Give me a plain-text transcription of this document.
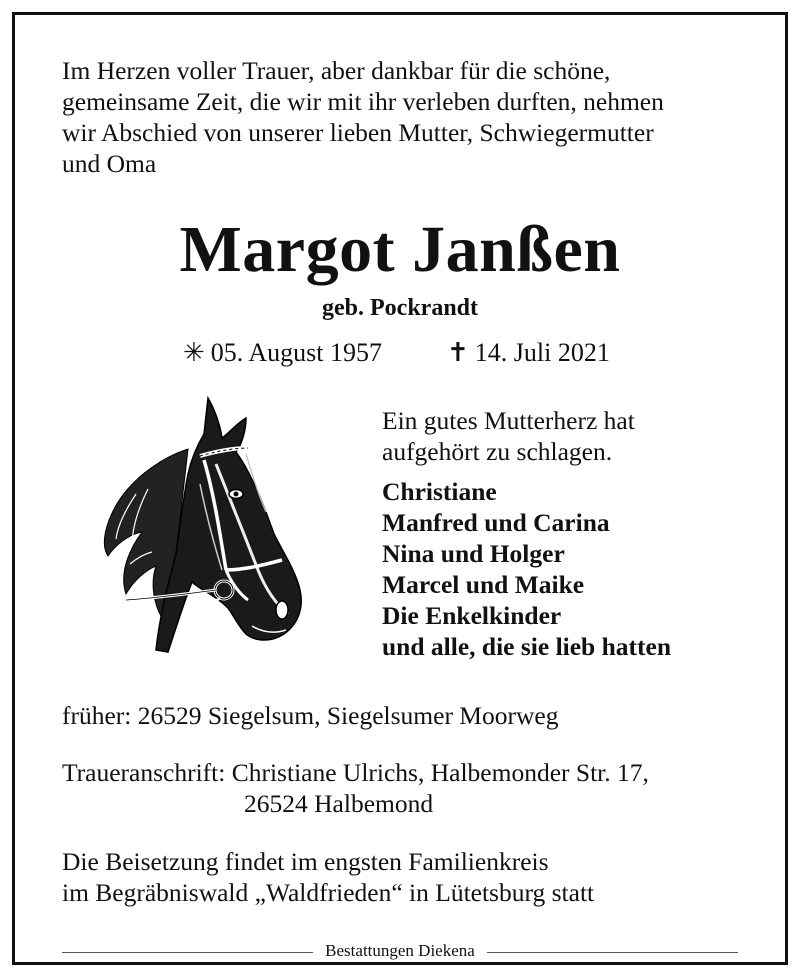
Im Herzen voller Trauer, aber dankbar für die schöne,
gemeinsame Zeit, die wir mit ihr verleben durften, nehmen
wir Abschied von unserer lieben Mutter, Schwiegermutter
und Oma
Margot Janßen
geb. Pockrandt
✳ 05. August 1957	✝ 14. Juli 2021
Ein gutes Mutterherz hat
aufgehört zu schlagen.
Christiane
Manfred und Carina
Nina und Holger
Marcel und Maike
Die Enkelkinder
und alle, die sie lieb hatten
früher: 26529 Siegelsum, Siegelsumer Moorweg
Traueranschrift: Christiane Ulrichs, Halbemonder Str. 17,
26524 Halbemond
Die Beisetzung findet im engsten Familienkreis
im Begräbniswald „Waldfrieden“ in Lütetsburg statt
Bestattungen Diekena
